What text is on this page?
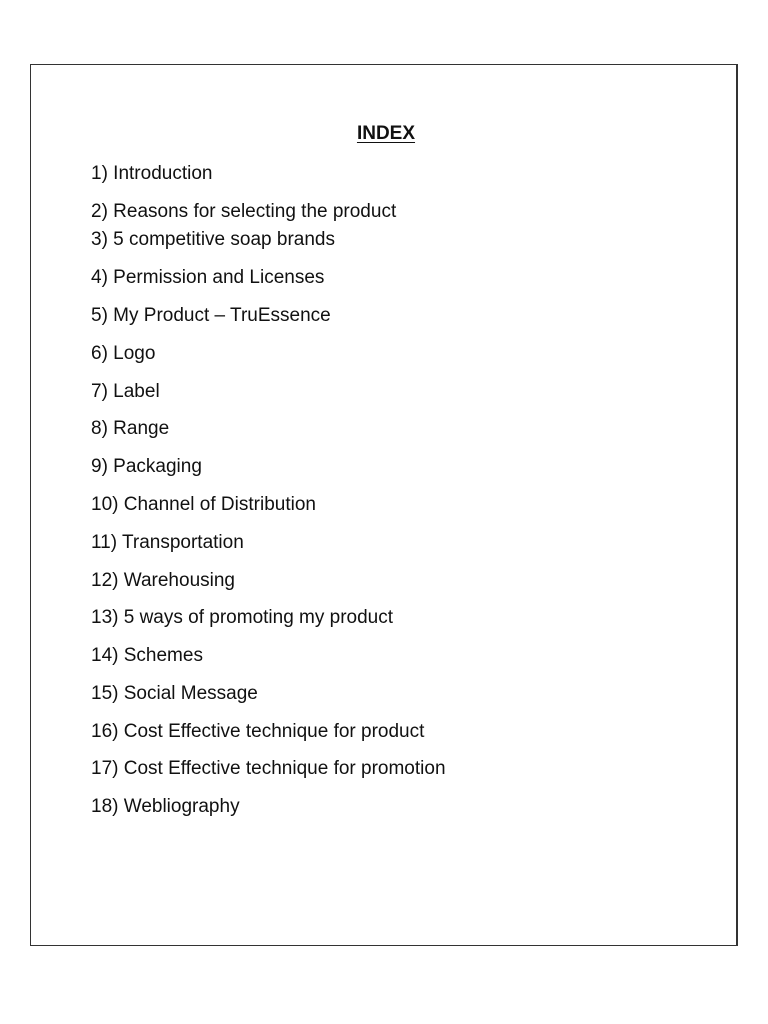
INDEX
1) Introduction
2) Reasons for selecting the product
3) 5 competitive soap brands
4) Permission and Licenses
5) My Product – TruEssence
6) Logo
7) Label
8) Range
9) Packaging
10) Channel of Distribution
11) Transportation
12) Warehousing
13) 5 ways of promoting my product
14) Schemes
15) Social Message
16) Cost Effective technique for product
17) Cost Effective technique for promotion
18) Webliography
